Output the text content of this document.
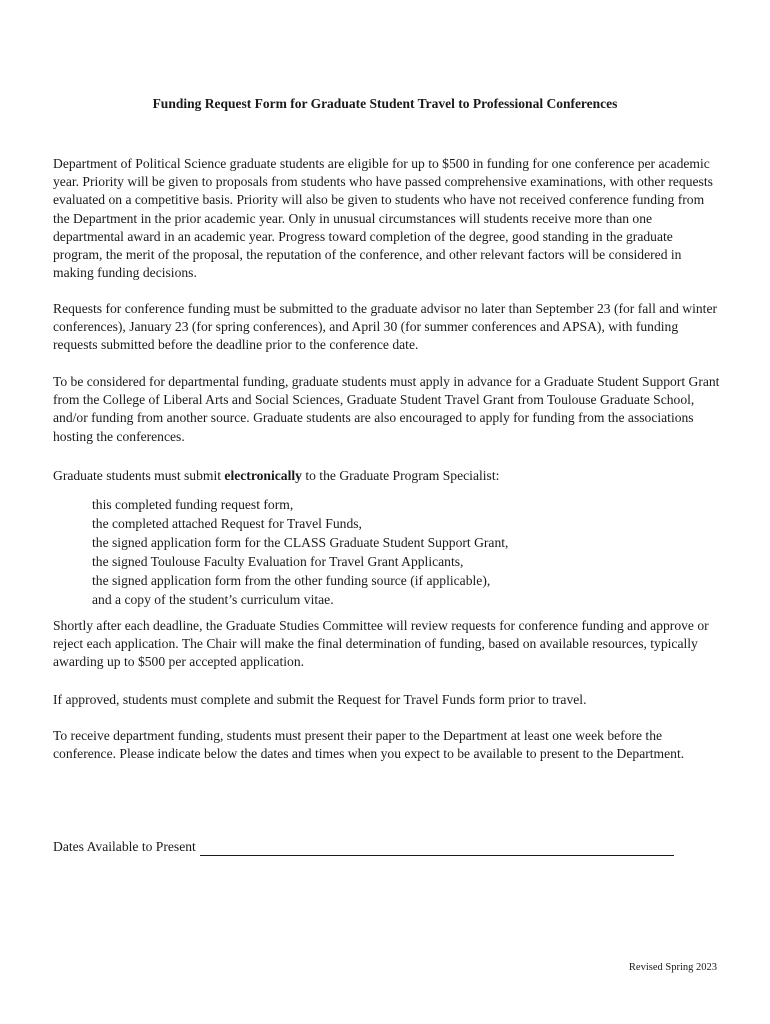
Funding Request Form for Graduate Student Travel to Professional Conferences
Department of Political Science graduate students are eligible for up to $500 in funding for one conference per academic year. Priority will be given to proposals from students who have passed comprehensive examinations, with other requests evaluated on a competitive basis. Priority will also be given to students who have not received conference funding from the Department in the prior academic year. Only in unusual circumstances will students receive more than one departmental award in an academic year. Progress toward completion of the degree, good standing in the graduate program, the merit of the proposal, the reputation of the conference, and other relevant factors will be considered in making funding decisions.
Requests for conference funding must be submitted to the graduate advisor no later than September 23 (for fall and winter conferences), January 23 (for spring conferences), and April 30 (for summer conferences and APSA), with funding requests submitted before the deadline prior to the conference date.
To be considered for departmental funding, graduate students must apply in advance for a Graduate Student Support Grant from the College of Liberal Arts and Social Sciences, Graduate Student Travel Grant from Toulouse Graduate School, and/or funding from another source. Graduate students are also encouraged to apply for funding from the associations hosting the conferences.
Graduate students must submit electronically to the Graduate Program Specialist:
this completed funding request form,
the completed attached Request for Travel Funds,
the signed application form for the CLASS Graduate Student Support Grant,
the signed Toulouse Faculty Evaluation for Travel Grant Applicants,
the signed application form from the other funding source (if applicable),
and a copy of the student’s curriculum vitae.
Shortly after each deadline, the Graduate Studies Committee will review requests for conference funding and approve or reject each application. The Chair will make the final determination of funding, based on available resources, typically awarding up to $500 per accepted application.
If approved, students must complete and submit the Request for Travel Funds form prior to travel.
To receive department funding, students must present their paper to the Department at least one week before the conference. Please indicate below the dates and times when you expect to be available to present to the Department.
Dates Available to Present
Revised Spring 2023
